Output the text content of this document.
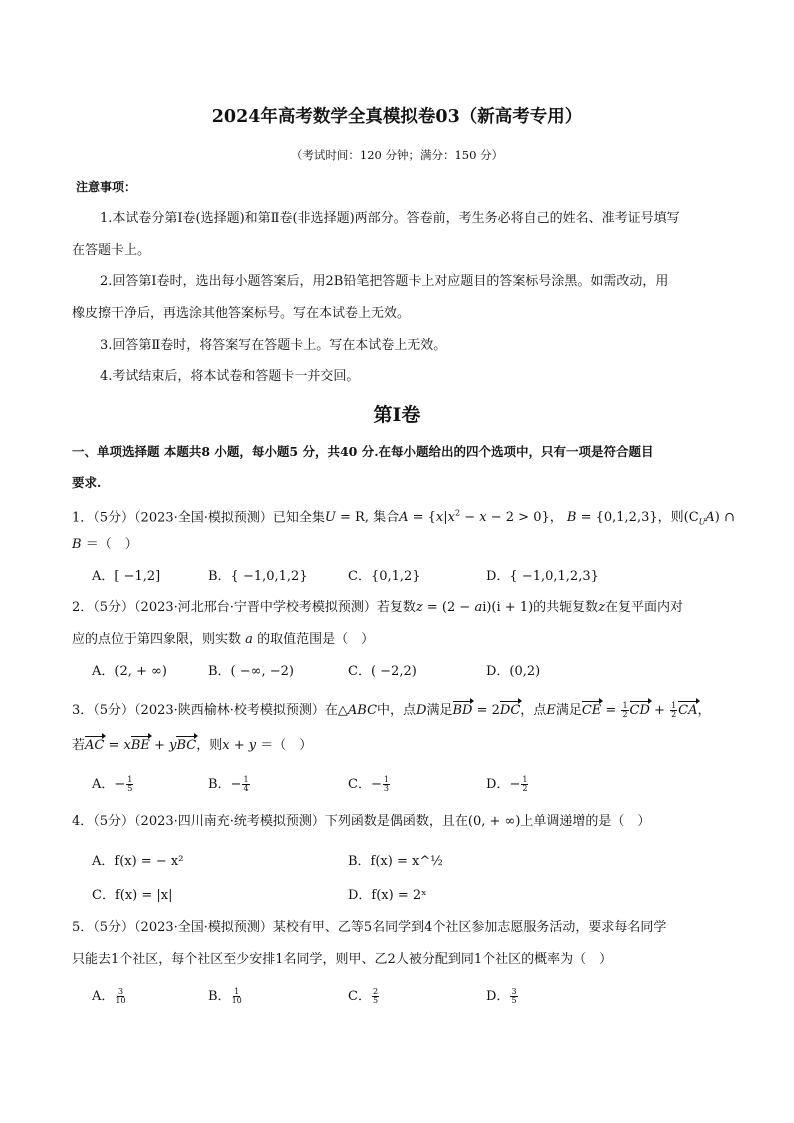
2024年高考数学全真模拟卷03（新高考专用）
（考试时间：120 分钟；满分：150 分）
注意事项：
1.本试卷分第Ⅰ卷(选择题)和第Ⅱ卷(非选择题)两部分。答卷前，考生务必将自己的姓名、准考证号填写
在答题卡上。
2.回答第Ⅰ卷时，选出每小题答案后，用2B铅笔把答题卡上对应题目的答案标号涂黑。如需改动，用
橡皮擦干净后，再选涂其他答案标号。写在本试卷上无效。
3.回答第Ⅱ卷时，将答案写在答题卡上。写在本试卷上无效。
4.考试结束后，将本试卷和答题卡一并交回。
第Ⅰ卷
一、单项选择题 本题共8 小题，每小题5 分，共40 分.在每小题给出的四个选项中，只有一项是符合题目
要求.
1．（5分）（2023·全国·模拟预测）已知全集U = R, 集合$A = \{x|x^2 - x - 2 > 0\}$， B = {0,1,2,3}，则$(C_UA)$ ∩
B ＝（　）
A．[ −1,2]	B．{ −1,0,1,2}	C．{0,1,2}	D．{ −1,0,1,2,3}
2．（5分）（2023·河北邢台·宁晋中学校考模拟预测）若复数z = (2 − ai)(i + 1)的共轭复数z在复平面内对
应的点位于第四象限，则实数 a 的取值范围是（　）
A．(2, + ∞)	B．( −∞, −2)	C．( −2,2)	D．(0,2)
3．（5分）（2023·陕西榆林·校考模拟预测）在△ABC中，点D满足BD = 2DC，点E满足CE = $\frac{1}{2}$ CD + $\frac{1}{2}$ CA，
若AC = xBE + yBC，则x + y ＝（　）
A．− $\frac{1}{5}$	B．− $\frac{1}{4}$	C．− $\frac{1}{3}$	D．− $\frac{1}{2}$
4．（5分）（2023·四川南充·统考模拟预测）下列函数是偶函数，且在(0, + ∞)上单调递增的是（　）
A．f(x) = − x²	B．f(x) = x^½
C．f(x) = |x|	D．f(x) = 2ˣ
5．（5分）（2023·全国·模拟预测）某校有甲、乙等5名同学到4个社区参加志愿服务活动，要求每名同学
只能去1个社区，每个社区至少安排1名同学，则甲、乙2人被分配到同1个社区的概率为（　）
A． $\frac{3}{10}$	B． $\frac{1}{10}$	C． $\frac{2}{5}$	D． $\frac{3}{5}$
